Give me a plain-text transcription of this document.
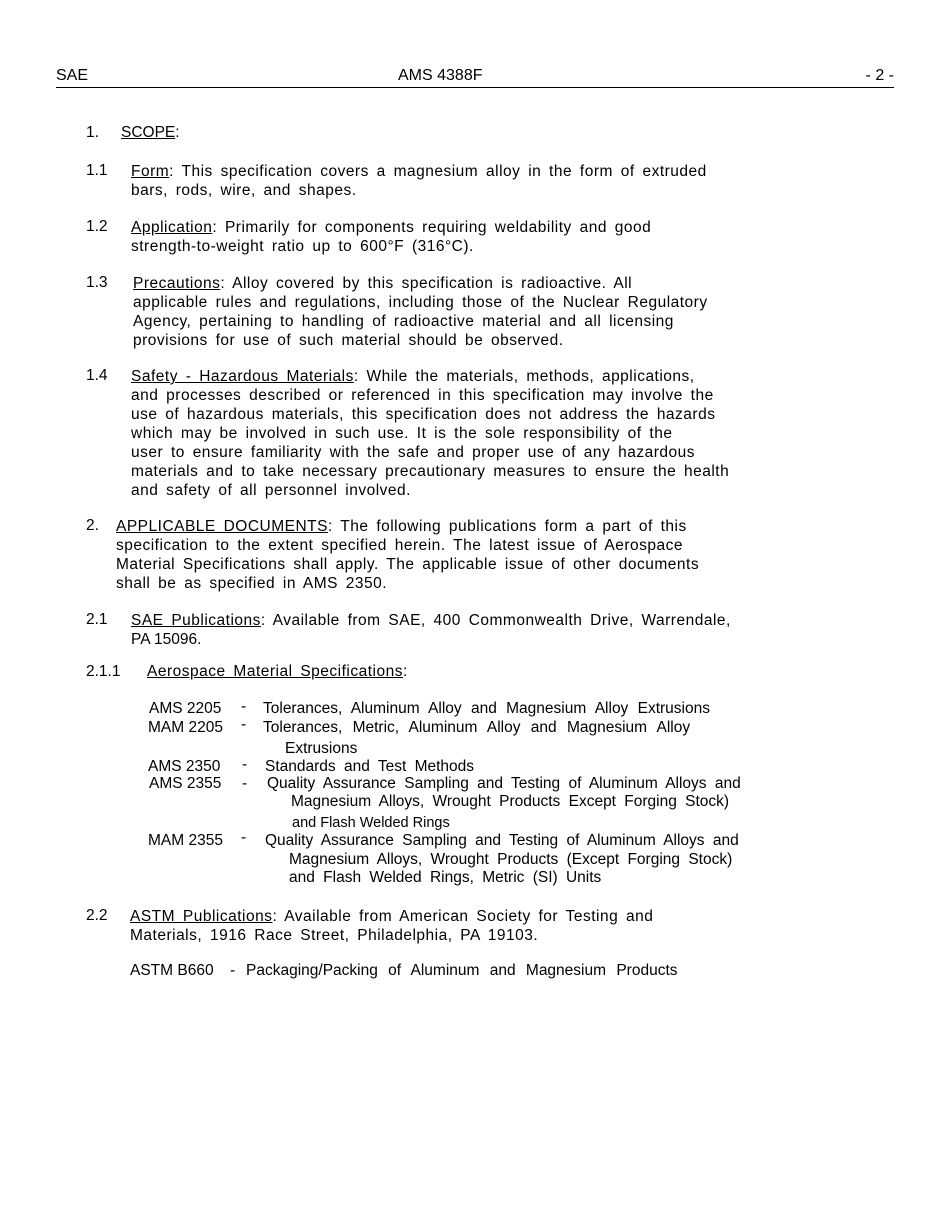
SAE	AMS 4388F	- 2 -
1. SCOPE:
1.1 Form: This specification covers a magnesium alloy in the form of extruded
bars, rods, wire, and shapes.
1.2 Application: Primarily for components requiring weldability and good
strength-to-weight ratio up to 600°F (316°C).
1.3 Precautions: Alloy covered by this specification is radioactive. All
applicable rules and regulations, including those of the Nuclear Regulatory
Agency, pertaining to handling of radioactive material and all licensing
provisions for use of such material should be observed.
1.4 Safety - Hazardous Materials: While the materials, methods, applications,
and processes described or referenced in this specification may involve the
use of hazardous materials, this specification does not address the hazards
which may be involved in such use. It is the sole responsibility of the
user to ensure familiarity with the safe and proper use of any hazardous
materials and to take necessary precautionary measures to ensure the health
and safety of all personnel involved.
2. APPLICABLE DOCUMENTS: The following publications form a part of this
specification to the extent specified herein. The latest issue of Aerospace
Material Specifications shall apply. The applicable issue of other documents
shall be as specified in AMS 2350.
2.1 SAE Publications: Available from SAE, 400 Commonwealth Drive, Warrendale,
PA 15096.
2.1.1 Aerospace Material Specifications:
AMS 2205 - Tolerances, Aluminum Alloy and Magnesium Alloy Extrusions
MAM 2205 - Tolerances, Metric, Aluminum Alloy and Magnesium Alloy
Extrusions
AMS 2350 - Standards and Test Methods
AMS 2355 - Quality Assurance Sampling and Testing of Aluminum Alloys and
Magnesium Alloys, Wrought Products Except Forging Stock)
and Flash Welded Rings
MAM 2355 - Quality Assurance Sampling and Testing of Aluminum Alloys and
Magnesium Alloys, Wrought Products (Except Forging Stock)
and Flash Welded Rings, Metric (SI) Units
2.2 ASTM Publications: Available from American Society for Testing and
Materials, 1916 Race Street, Philadelphia, PA 19103.
ASTM B660 - Packaging/Packing of Aluminum and Magnesium Products
